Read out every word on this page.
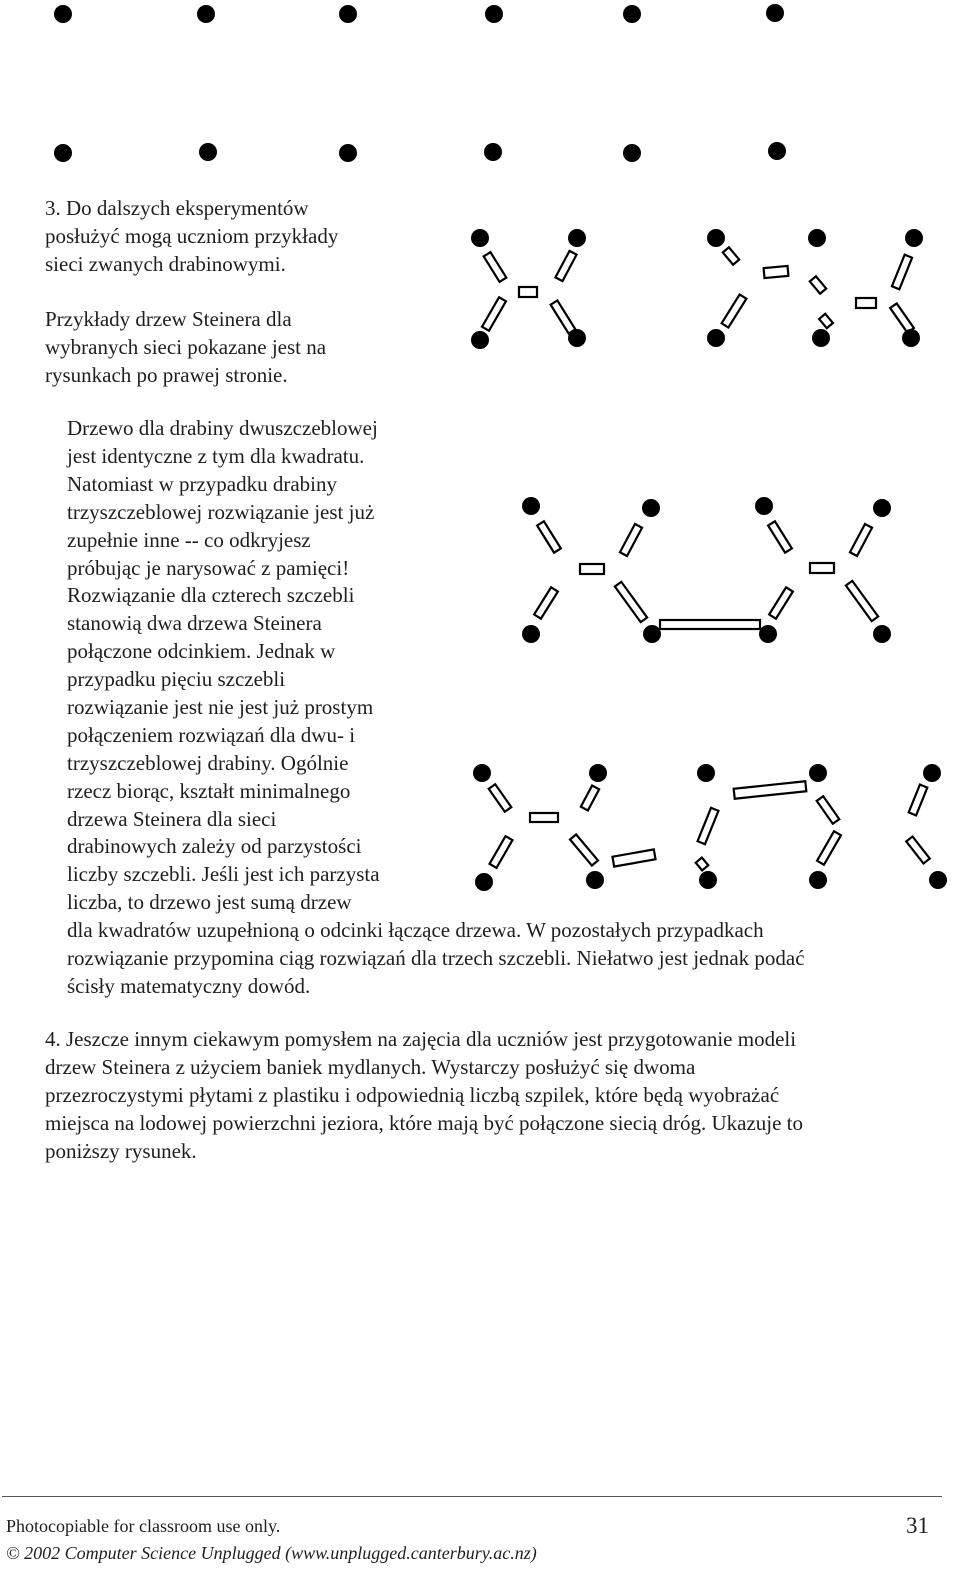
3. Do dalszych eksperymentów

posłużyć mogą uczniom przykłady

sieci zwanych drabinowymi.

Przykłady drzew Steinera dla

wybranych sieci pokazane jest na

rysunkach po prawej stronie.

Drzewo dla drabiny dwuszczeblowej

jest identyczne z tym dla kwadratu.

Natomiast w przypadku drabiny

trzyszczeblowej rozwiązanie jest już

zupełnie inne -- co odkryjesz

próbując je narysować z pamięci!

Rozwiązanie dla czterech szczebli

stanowią dwa drzewa Steinera

połączone odcinkiem. Jednak w

przypadku pięciu szczebli

rozwiązanie jest nie jest już prostym

połączeniem rozwiązań dla dwu- i

trzyszczeblowej drabiny. Ogólnie

rzecz biorąc, kształt minimalnego

drzewa Steinera dla sieci

drabinowych zależy od parzystości

liczby szczebli. Jeśli jest ich parzysta

liczba, to drzewo jest sumą drzew

dla kwadratów uzupełnioną o odcinki łączące drzewa. W pozostałych przypadkach

rozwiązanie przypomina ciąg rozwiązań dla trzech szczebli. Niełatwo jest jednak podać

ścisły matematyczny dowód.

4. Jeszcze innym ciekawym pomysłem na zajęcia dla uczniów jest przygotowanie modeli

drzew Steinera z użyciem baniek mydlanych. Wystarczy posłużyć się dwoma

przezroczystymi płytami z plastiku i odpowiednią liczbą szpilek, które będą wyobrażać

miejsca na lodowej powierzchni jeziora, które mają być połączone siecią dróg. Ukazuje to

poniższy rysunek.

Photocopiable for classroom use only.

© 2002 Computer Science Unplugged (www.unplugged.canterbury.ac.nz)

31
